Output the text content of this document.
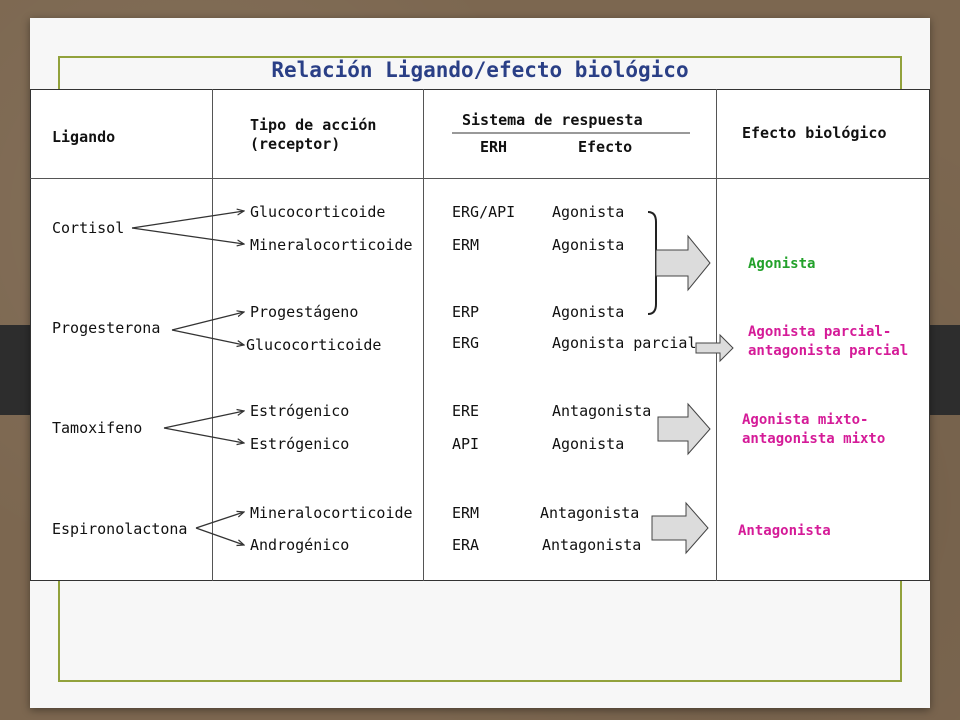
Relación Ligando/efecto biológico
Ligando
Tipo de acción
(receptor)
Sistema de respuesta
ERH	Efecto
Efecto biológico
Cortisol
Progesterona
Tamoxifeno
Espironolactona
Glucocorticoide
Mineralocorticoide
Progestágeno
Glucocorticoide
Estrógenico
Estrógenico
Mineralocorticoide
Androgénico
ERG/API
ERM
ERP
ERG
ERE
API
ERM
ERA
Agonista
Agonista
Agonista
Agonista parcial
Antagonista
Agonista
Antagonista
Antagonista
Agonista
Agonista parcial-
antagonista parcial
Agonista mixto-
antagonista mixto
Antagonista
